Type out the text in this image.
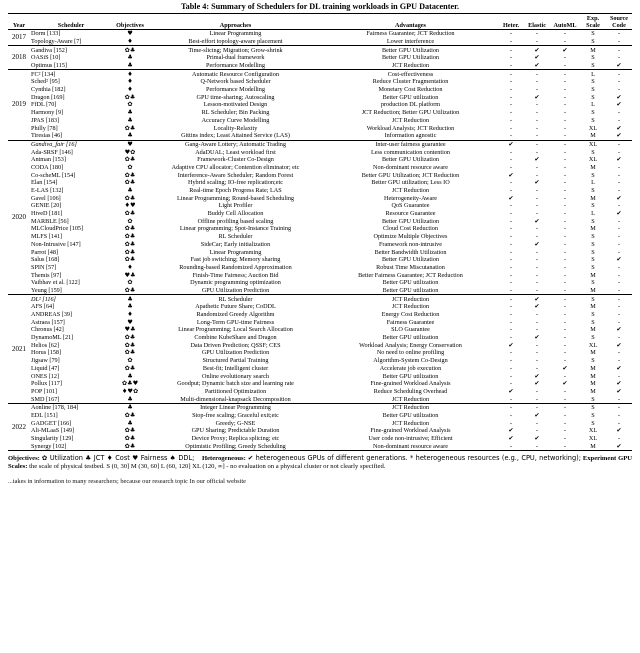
Table 4: Summary of Schedulers for DL training workloads in GPU Datacenter.
Year	Scheduler	Objectives	Approaches	Advantages	Heter.	Elastic	AutoML	Exp. Scale	Source Code
2017	Dorm [133]	♥	Linear Programming	Fairness Guarantee; JCT Reduction	-	-	-	S	-
	Topology-Aware [7]	♦	Best-effort topology-aware placement	Lower interference	-	-	-	S	-
2018	Gandiva [152]	✿♣	Time-slicing; Migration; Grow-shrink	Better GPU Utilization	-	✔	✔	M	-
	OASiS [10]	♣	Primal-dual framework	Better GPU Utilization	-	✔	-	S	-
	Optimus [115]	♣	Performance Modelling	JCT Reduction	-	✔	-	S	✔
2019	FC² [134]	♦	Automatic Resource Configuration	Cost-effectiveness	-	-	-	L	-
	Sched² [95]	♦	Q-Network based Scheduler	Reduce Cluster Fragmentation	-	-	-	S	-
	Cynthia [182]	♦	Performance Modelling	Monetary Cost Reduction	-	-	-	S	-
	Dragon [169]	✿♣	GPU time-sharing; Autoscaling	Better GPU utilization	-	✔	-	S	✔
	FfDL [70]	✿	Lesson-motivated Design	production DL platform	-	-	-	L	✔
	Harmony [9]	♣	RL Scheduler; Bin Packing	JCT Reduction; Better GPU Utilization	-	-	-	S	-
	JPAS [183]	♣	Accuracy Curve Modelling	JCT Reduction	-	-	-	S	-
	Philly [78]	✿♣	Locality-Relaxity	Workload Analysis; JCT Reduction	-	-	-	XL	✔
	Tiresias [46]	♣	Gittins index; Least Attained Service (LAS)	Information agnostic	-	-	-	M	✔
2020	Gandiva_fair [16]	♥	Gang-Aware Lottery; Automatic Trading	Inter-user fairness guarantee	✔	-	-	XL	-
	Ada-SRSF [146]	♥✿	AdaDUAL; Least workload first	Less communication contention	-	-	-	S	-
	Antman [153]	✿♣	Framework-Cluster Co-Design	Better GPU Utilization	-	✔	-	XL	✔
	CODA [180]	✿	Adaptive CPU allocator; Contention eliminator; etc	Non-dominant resource aware	-	-	-	M	-
	Co-scheML [154]	✿♣	Interference-Aware Scheduler; Random Forest	Better GPU Utilization; JCT Reduction	✔	-	-	S	-
	Elan [154]	✿♣	Hybrid scaling; IO-free replication;etc	Better GPU utilization; Less IO	-	✔	-	L	-
	E-LAS [132]	♣	Real-time Epoch Progress Rate; LAS	JCT Reduction	-	-	-	S	-
	Gavel [106]	✿♣	Linear Programming; Round-based Scheduling	Heterogeneity-Aware	✔	-	-	M	✔
	GENIE [20]	♦♥	Light Profiler	QoS Guarantee	-	-	-	S	-
	HiveD [181]	✿♣	Buddy Cell Allocation	Resource Guarantee	-	-	-	L	✔
	MARBLE [56]	✿	Offline profiling based scaling	Better GPU Utilization	-	✔	-	S	-
	MLCloudPrice [105]	✿♣	Linear programming; Spot-Instance Training	Cloud Cost Reduction	-	-	-	M	-
	MLFS [141]	✿♣	RL Scheduler	Optimize Multiple Objectives	-	-	-	S	-
	Non-Intrusive [147]	✿♣	SideCar; Early initialization	Framework non-intrusive	-	✔	-	S	-
	Parrot [48]	✿♣	Linear Programming	Better Bandwidth Utilization	-	-	-	S	-
	Salus [168]	✿♣	Fast job switching; Memory sharing	Better GPU Utilization	-	-	-	S	✔
	SPIN [57]	♦	Rounding-based Randomized Approximation	Robust Time Miscutanation	-	-	-	S	-
	Themis [97]	♥♣	Finish-Time Fairness; Auction Bid	Better Fairness Guarantee; JCT Reduction	-	-	-	M	-
	Vaibhav et al. [122]	✿	Dynamic programming optimization	Better GPU utilization	-	-	-	S	-
	Yeung [159]	✿♣	GPU Utilization Prediction	Better GPU utilization	-	-	-	M	-
2021	DL² [116]	♣	RL Scheduler	JCT Reduction	-	✔	-	S	-
	AFS [64]	♣	Apathetic Future Share; CoDDL	JCT Reduction	-	✔	-	M	-
	ANDREAS [39]	♦	Randomized Greedy Algorithm	Energy Cost Reduction	-	-	-	S	-
	Astraea [157]	♥	Long-Term GPU-time Fairness	Fairness Guarantee	-	-	-	S	-
	Chronus [42]	♥♣	Linear Programming; Local Search Allocation	SLO Guarantee	-	-	-	M	✔
	DynamoML [21]	✿♣	Combine KubeShare and Dragon	Better GPU utilization	-	✔	-	S	-
	Helios [62]	✿♣	Data Driven Prediction; QSSF; CES	Workload Analysis; Energy Conservation	✔	-	-	XL	✔
	Horus [158]	✿♣	GPU Utilization Prediction	No need to online profiling	-	-	-	M	-
	Jigsaw [79]	✿	Structured Partial Training	Algorithm-System Co-Design	-	-	-	S	-
	Liquid [47]	✿♣	Best-fit; Intelligent cluster	Accelerate job execution	-	-	✔	M	✔
	ONES [12]	♣	Online evolutionary search	Better GPU utilization	-	✔	-	M	-
	Pollux [117]	✿♣♥	Goodput; Dynamic batch size and learning rate	Fine-grained Workload Analysis	-	✔	✔	M	✔
	POP [101]	♦♥✿	Partitioned Optimization	Reduce Scheduling Overhead	✔	-	-	M	✔
	SMD [167]	♣	Multi-dimensional-knapsack Decomposition	JCT Reduction	-	-	-	S	-
2022	Aonline [178, 184]	♣	Integer Linear Programming	JCT Reduction	-	-	-	S	-
	EDL [151]	✿♣	Stop-free scaling; Graceful exit;etc	Better GPU utilization	-	✔	-	S	-
	GADGET [166]	♣	Greedy; G-NSE	JCT Reduction	-	-	-	S	-
	Ali-MLaaS [149]	✿♣	GPU Sharing; Predictable Duration	Fine-grained Workload Analysis	✔	-	-	XL	✔
	Singularity [129]	✿♣	Device Proxy; Replica splicing; etc	User code non-intrusive; Efficient	✔	✔	-	XL	-
	Synergy [102]	✿♣	Optimistic Profiling; Greedy Scheduling	Non-dominant resource aware	-	-	-	M	✔
Objectives: ✿ Utilization ♣ JCT ♦ Cost ♥ Fairness ♠ DDL; Heterogeneous: ✔ heterogeneous GPUs of different generations. * heterogeneous resources (e.g., CPU, networking); Experiment GPU Scales: the scale of physical testbed. S (0, 30] M (30, 60] L (60, 120] XL (120, ∞] - no evaluation on a physical cluster or not clearly specified.
...takes in information to many researchers; because our research topic In our official website
